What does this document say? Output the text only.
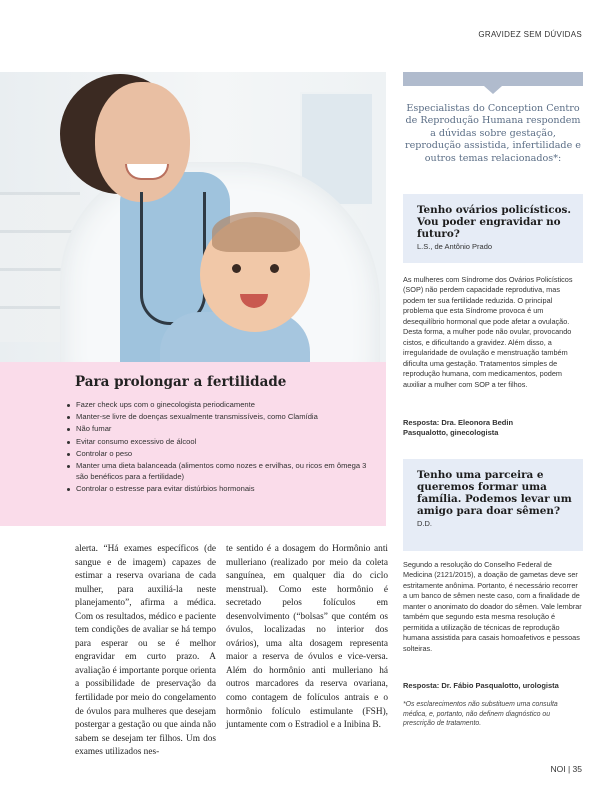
GRAVIDEZ SEM DÚVIDAS
Para prolongar a fertilidade
Fazer check ups com o ginecologista periodicamente
Manter-se livre de doenças sexualmente transmissíveis, como Clamídia
Não fumar
Evitar consumo excessivo de álcool
Controlar o peso
Manter uma dieta balanceada (alimentos como nozes e ervilhas, ou ricos em ômega 3 são benéficos para a fertilidade)
Controlar o estresse para evitar distúrbios hormonais
alerta. “Há exames específicos (de sangue e de imagem) capazes de estimar a reserva ovariana de cada mulher, para auxiliá-la neste planejamento”, afirma a médica. Com os resultados, médico e paciente tem condições de avaliar se há tempo para esperar ou se é melhor engravidar em curto prazo. A avaliação é importante porque orienta a possibilidade de preservação da fertilidade por meio do congelamento de óvulos para mulheres que desejam postergar a gestação ou que ainda não sabem se desejam ter filhos. Um dos exames utilizados nes-
te sentido é a dosagem do Hormônio anti mulleriano (realizado por meio da coleta sanguínea, em qualquer dia do ciclo menstrual). Como este hormônio é secretado pelos folículos em desenvolvimento (“bolsas” que contém os óvulos, localizadas no interior dos ovários), uma alta dosagem representa maior a reserva de óvulos e vice-versa. Além do hormônio anti mulleriano há outros marcadores da reserva ovariana, como contagem de folículos antrais e o hormônio folículo estimulante (FSH), juntamente com o Estradiol e a Inibina B.
Especialistas do Conception Centro de Reprodução Humana respondem a dúvidas sobre gestação, reprodução assistida, infertilidade e outros temas relacionados*:
Tenho ovários policísticos. Vou poder engravidar no futuro?
L.S., de Antônio Prado
As mulheres com Síndrome dos Ovários Policísticos (SOP) não perdem capacidade reprodutiva, mas podem ter sua fertilidade reduzida. O principal problema que esta Síndrome provoca é um desequilíbrio hormonal que pode afetar a ovulação. Desta forma, a mulher pode não ovular, provocando cistos, e dificultando a gravidez. Além disso, a irregularidade de ovulação e menstruação também dificulta uma gestação. Tratamentos simples de reprodução humana, com medicamentos, podem auxiliar a mulher com SOP a ter filhos.
Resposta: Dra. Eleonora Bedin Pasqualotto, ginecologista
Tenho uma parceira e queremos formar uma família. Podemos levar um amigo para doar sêmen?
D.D.
Segundo a resolução do Conselho Federal de Medicina (2121/2015), a doação de gametas deve ser estritamente anônima. Portanto, é necessário recorrer a um banco de sêmen neste caso, com a finalidade de manter o anonimato do doador do sêmen. Vale lembrar também que segundo esta mesma resolução é permitida a utilização de técnicas de reprodução humana assistida para casais homoafetivos e pessoas solteiras.
Resposta: Dr. Fábio Pasqualotto, urologista
*Os esclarecimentos não substituem uma consulta médica, e, portanto, não definem diagnóstico ou prescrição de tratamento.
NOI | 35
